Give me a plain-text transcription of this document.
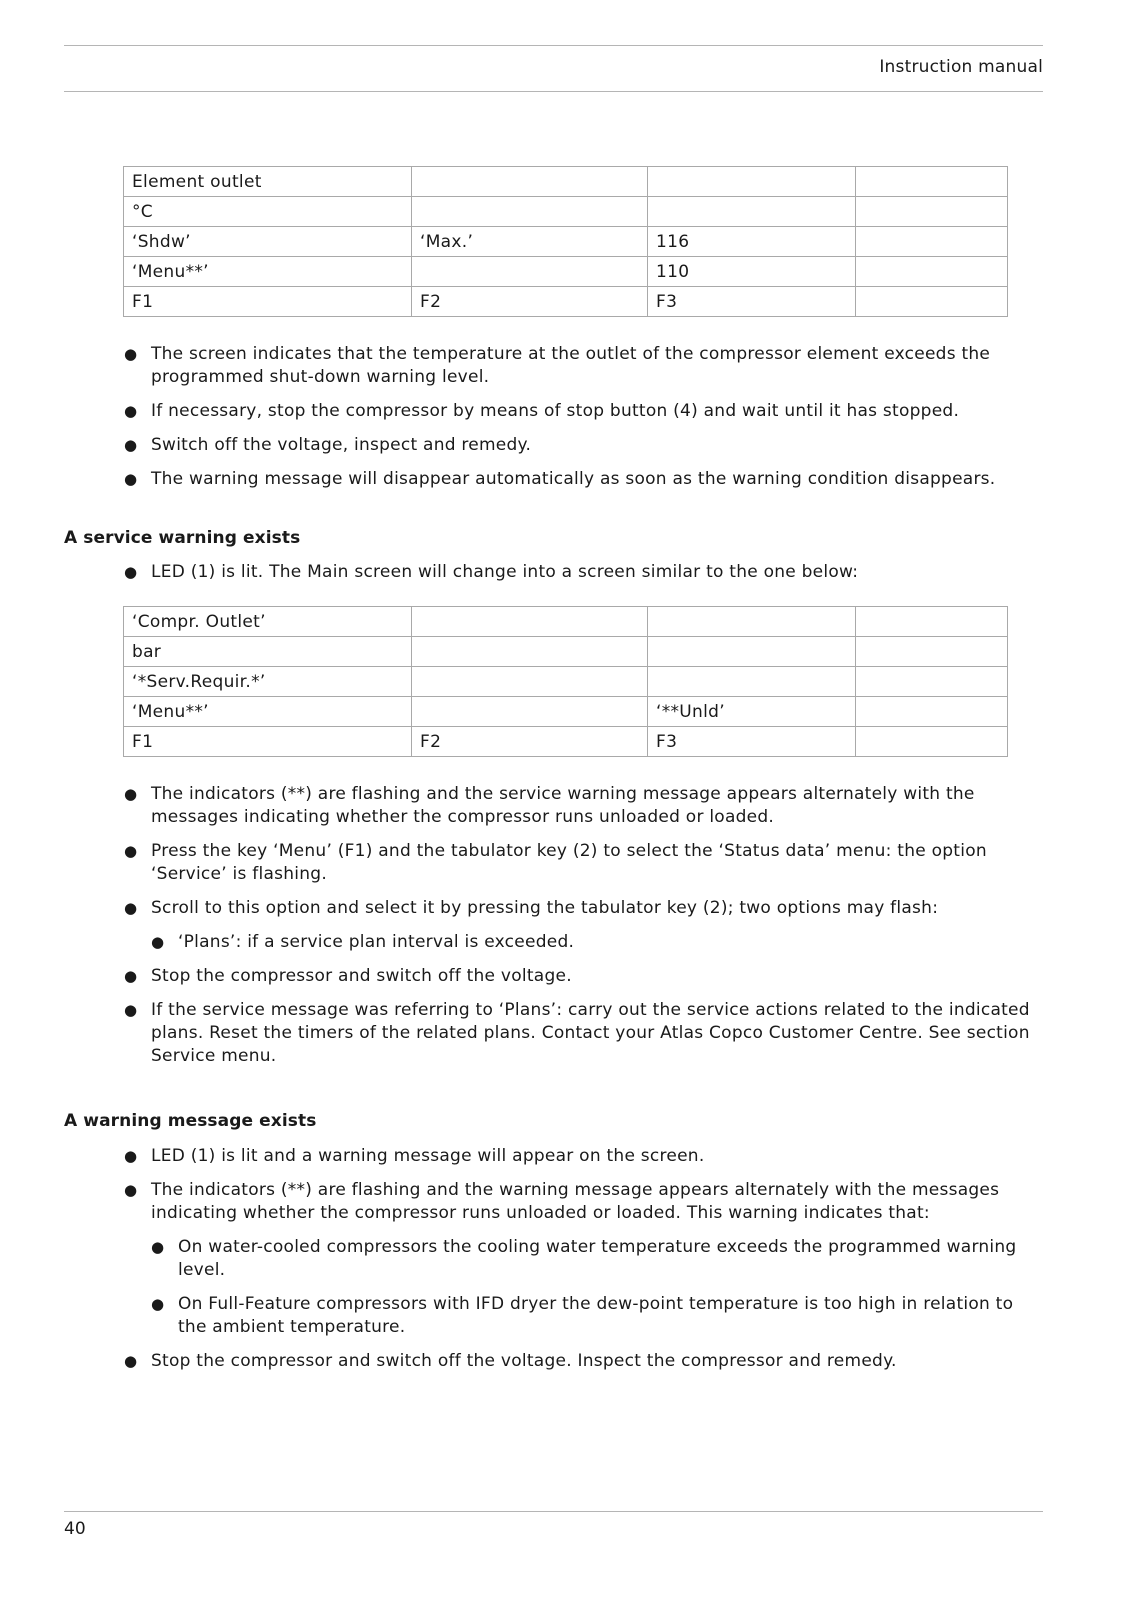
Instruction manual
Element outlet			
°C			
‘Shdw’	‘Max.’	116	
‘Menu**’		110	
F1	F2	F3	
● The screen indicates that the temperature at the outlet of the compressor element exceeds the programmed shut-down warning level.
● If necessary, stop the compressor by means of stop button (4) and wait until it has stopped.
● Switch off the voltage, inspect and remedy.
● The warning message will disappear automatically as soon as the warning condition disappears.
A service warning exists
● LED (1) is lit. The Main screen will change into a screen similar to the one below:
‘Compr. Outlet’			
bar			
‘*Serv.Requir.*’			
‘Menu**’		‘**Unld’	
F1	F2	F3	
● The indicators (**) are flashing and the service warning message appears alternately with the messages indicating whether the compressor runs unloaded or loaded.
● Press the key ‘Menu’ (F1) and the tabulator key (2) to select the ‘Status data’ menu: the option ‘Service’ is flashing.
● Scroll to this option and select it by pressing the tabulator key (2); two options may flash:
● ‘Plans’: if a service plan interval is exceeded.
● Stop the compressor and switch off the voltage.
● If the service message was referring to ‘Plans’: carry out the service actions related to the indicated plans. Reset the timers of the related plans. Contact your Atlas Copco Customer Centre. See section Service menu.
A warning message exists
● LED (1) is lit and a warning message will appear on the screen.
● The indicators (**) are flashing and the warning message appears alternately with the messages indicating whether the compressor runs unloaded or loaded. This warning indicates that:
● On water-cooled compressors the cooling water temperature exceeds the programmed warning level.
● On Full-Feature compressors with IFD dryer the dew-point temperature is too high in relation to the ambient temperature.
● Stop the compressor and switch off the voltage. Inspect the compressor and remedy.
40
